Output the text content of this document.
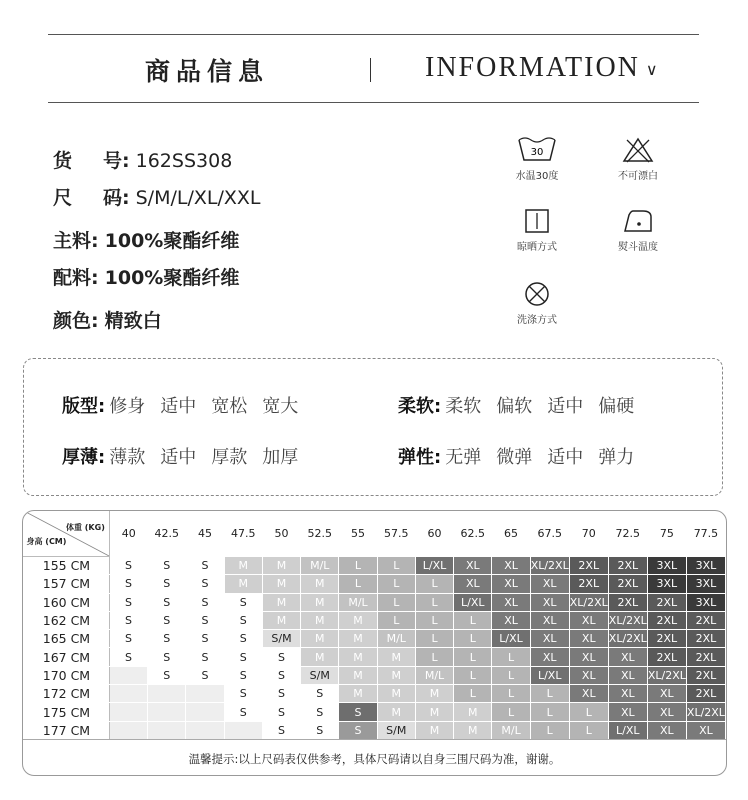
商品信息	INFORMATION ∨
货 号: 162SS308
尺 码: S/M/L/XL/XXL
主料: 100%聚酯纤维
配料: 100%聚酯纤维
颜色: 精致白
30
水温30度	不可漂白
晾晒方式	熨斗温度
洗涤方式
版型: 修身 适中 宽松 宽大	柔软: 柔软 偏软 适中 偏硬
厚薄: 薄款 适中 厚款 加厚	弹性: 无弹 微弹 适中 弹力
体重 (KG)
身高 (CM)	40	42.5	45	47.5	50	52.5	55	57.5	60	62.5	65	67.5	70	72.5	75	77.5
155 CM	S	S	S	M	M	M/L	L	L	L/XL	XL	XL	XL/2XL	2XL	2XL	3XL	3XL
157 CM	S	S	S	M	M	M	L	L	L	XL	XL	XL	2XL	2XL	3XL	3XL
160 CM	S	S	S	S	M	M	M/L	L	L	L/XL	XL	XL	XL/2XL	2XL	2XL	3XL
162 CM	S	S	S	S	M	M	M	L	L	L	XL	XL	XL	XL/2XL	2XL	2XL
165 CM	S	S	S	S	S/M	M	M	M/L	L	L	L/XL	XL	XL	XL/2XL	2XL	2XL
167 CM	S	S	S	S	S	M	M	M	L	L	L	XL	XL	XL	2XL	2XL
170 CM		S	S	S	S	S/M	M	M	M/L	L	L	L/XL	XL	XL	XL/2XL	2XL
172 CM				S	S	S	M	M	M	L	L	L	XL	XL	XL	2XL
175 CM				S	S	S	S	M	M	M	L	L	L	XL	XL	XL/2XL
177 CM					S	S	S	S/M	M	M	M/L	L	L	L/XL	XL	XL
温馨提示:以上尺码表仅供参考，具体尺码请以自身三围尺码为准，谢谢。
